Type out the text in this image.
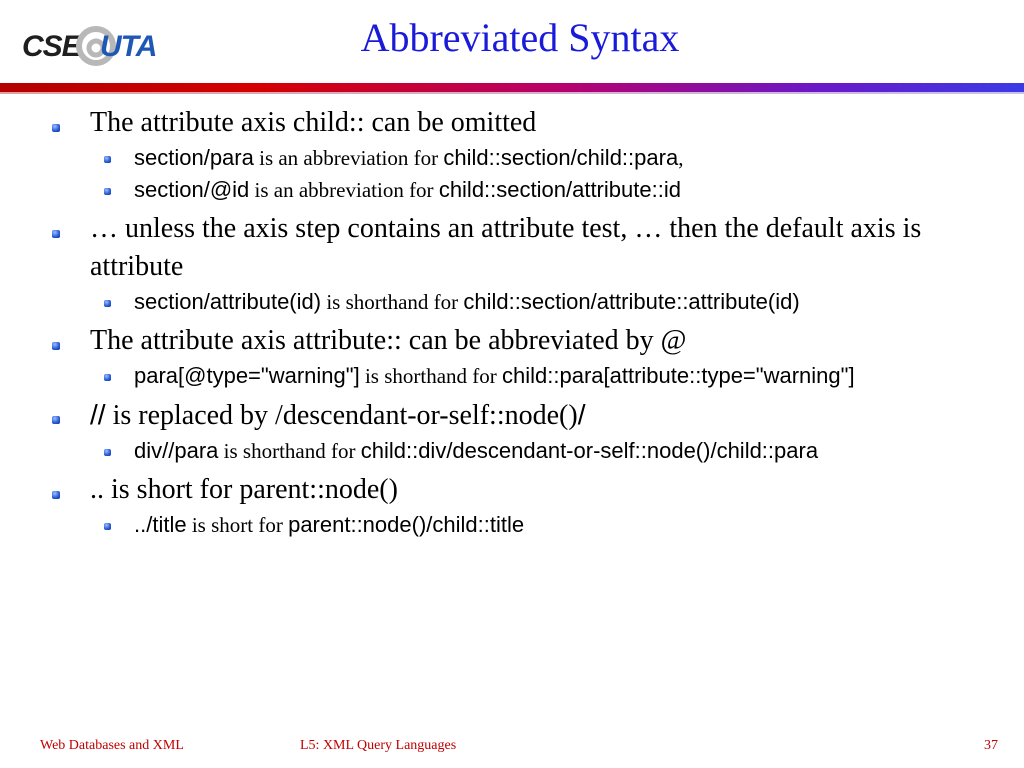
CSE UTA	Abbreviated Syntax
The attribute axis child:: can be omitted
section/para is an abbreviation for child::section/child::para,
section/@id is an abbreviation for child::section/attribute::id
… unless the axis step contains an attribute test, … then the default axis is attribute
section/attribute(id) is shorthand for child::section/attribute::attribute(id)
The attribute axis attribute:: can be abbreviated by @
para[@type="warning"] is shorthand for child::para[attribute::type="warning"]
// is replaced by /descendant-or-self::node()/
div//para is shorthand for child::div/descendant-or-self::node()/child::para
.. is short for parent::node()
../title is short for parent::node()/child::title
Web Databases and XML	L5: XML Query Languages	37
